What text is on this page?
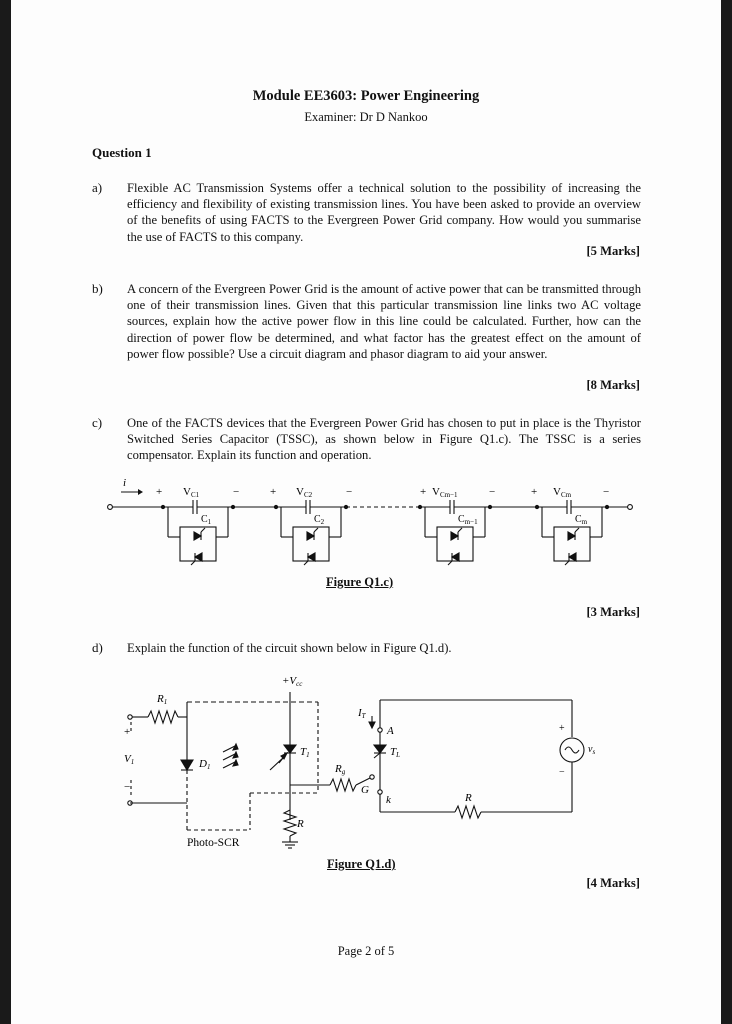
Module EE3603: Power Engineering
Examiner: Dr D Nankoo
Question 1
a) Flexible AC Transmission Systems offer a technical solution to the possibility of increasing the efficiency and flexibility of existing transmission lines. You have been asked to provide an overview of the benefits of using FACTS to the Evergreen Power Grid company. How would you summarise the use of FACTS to this company.
[5 Marks]
b) A concern of the Evergreen Power Grid is the amount of active power that can be transmitted through one of their transmission lines. Given that this particular transmission line links two AC voltage sources, explain how the active power flow in this line could be calculated. Further, how can the direction of power flow be determined, and what factor has the greatest effect on the amount of power flow possible? Use a circuit diagram and phasor diagram to aid your answer.
[8 Marks]
c) One of the FACTS devices that the Evergreen Power Grid has chosen to put in place is the Thyristor Switched Series Capacitor (TSSC), as shown below in Figure Q1.c). The TSSC is a series compensator. Explain its function and operation.
i
+ VC1	−	+ VC2	−	+ VCm−1	−	+ VCm	−
$C_1$	$C_2$	$C_{m-1}$	$C_m$
Figure Q1.c)
[3 Marks]
d) Explain the function of the circuit shown below in Figure Q1.d).
+Vcc
R1
+
V1
−
D1
T1
Rg
IT
A
TL
G
k
R
R
+
−
$v_s$
Photo-SCR
Figure Q1.d)
[4 Marks]
Page 2 of 5
